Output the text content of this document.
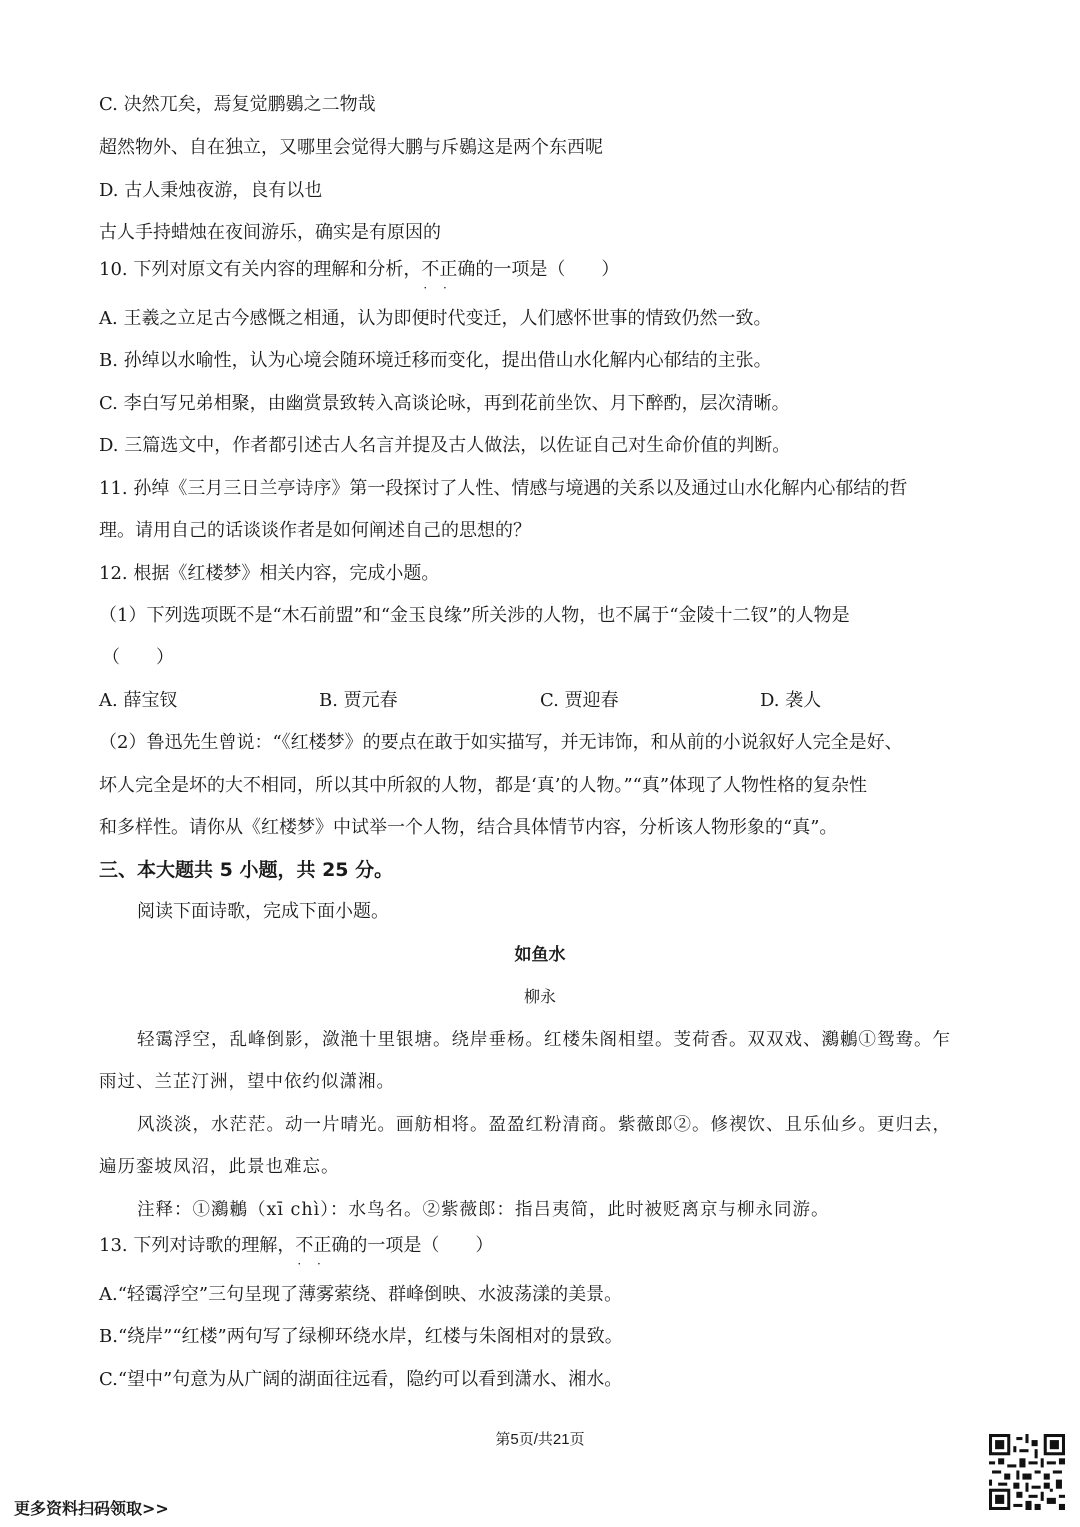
C. 决然兀矣，焉复觉鹏鷃之二物哉
超然物外、自在独立，又哪里会觉得大鹏与斥鷃这是两个东西呢
D. 古人秉烛夜游，良有以也
古人手持蜡烛在夜间游乐，确实是有原因的
10. 下列对原文有关内容的理解和分析，不正确 · ·的一项是（　　）
A. 王羲之立足古今感慨之相通，认为即便时代变迁，人们感怀世事的情致仍然一致。
B. 孙绰以水喻性，认为心境会随环境迁移而变化，提出借山水化解内心郁结的主张。
C. 李白写兄弟相聚，由幽赏景致转入高谈论咏，再到花前坐饮、月下醉酌，层次清晰。
D. 三篇选文中，作者都引述古人名言并提及古人做法，以佐证自己对生命价值的判断。
11. 孙绰《三月三日兰亭诗序》第一段探讨了人性、情感与境遇的关系以及通过山水化解内心郁结的哲
理。请用自己的话谈谈作者是如何阐述自己的思想的？
12. 根据《红楼梦》相关内容，完成小题。
（1）下列选项既不是“木石前盟”和“金玉良缘”所关涉的人物，也不属于“金陵十二钗”的人物是
（　　）
A. 薛宝钗	B. 贾元春	C. 贾迎春	D. 袭人
（2）鲁迅先生曾说：“《红楼梦》的要点在敢于如实描写，并无讳饰，和从前的小说叙好人完全是好、
坏人完全是坏的大不相同，所以其中所叙的人物，都是‘真’的人物。”“真”体现了人物性格的复杂性
和多样性。请你从《红楼梦》中试举一个人物，结合具体情节内容，分析该人物形象的“真”。
三、本大题共 5 小题，共 25 分。
阅读下面诗歌，完成下面小题。
如鱼水
柳永
轻霭浮空，乱峰倒影，潋滟十里银塘。绕岸垂杨。红楼朱阁相望。芰荷香。双双戏、鸂鶒①鸳鸯。乍
雨过、兰芷汀洲，望中依约似潇湘。
风淡淡，水茫茫。动一片晴光。画舫相将。盈盈红粉清商。紫薇郎②。修禊饮、且乐仙乡。更归去，
遍历銮坡凤沼，此景也难忘。
注释：①鸂鶒（xī chì）：水鸟名。②紫薇郎：指吕夷简，此时被贬离京与柳永同游。
13. 下列对诗歌的理解，不正确 · ·的一项是（　　）
A.“轻霭浮空”三句呈现了薄雾萦绕、群峰倒映、水波荡漾的美景。
B.“绕岸”“红楼”两句写了绿柳环绕水岸，红楼与朱阁相对的景致。
C.“望中”句意为从广阔的湖面往远看，隐约可以看到潇水、湘水。
第5页/共21页
更多资料扫码领取>>
